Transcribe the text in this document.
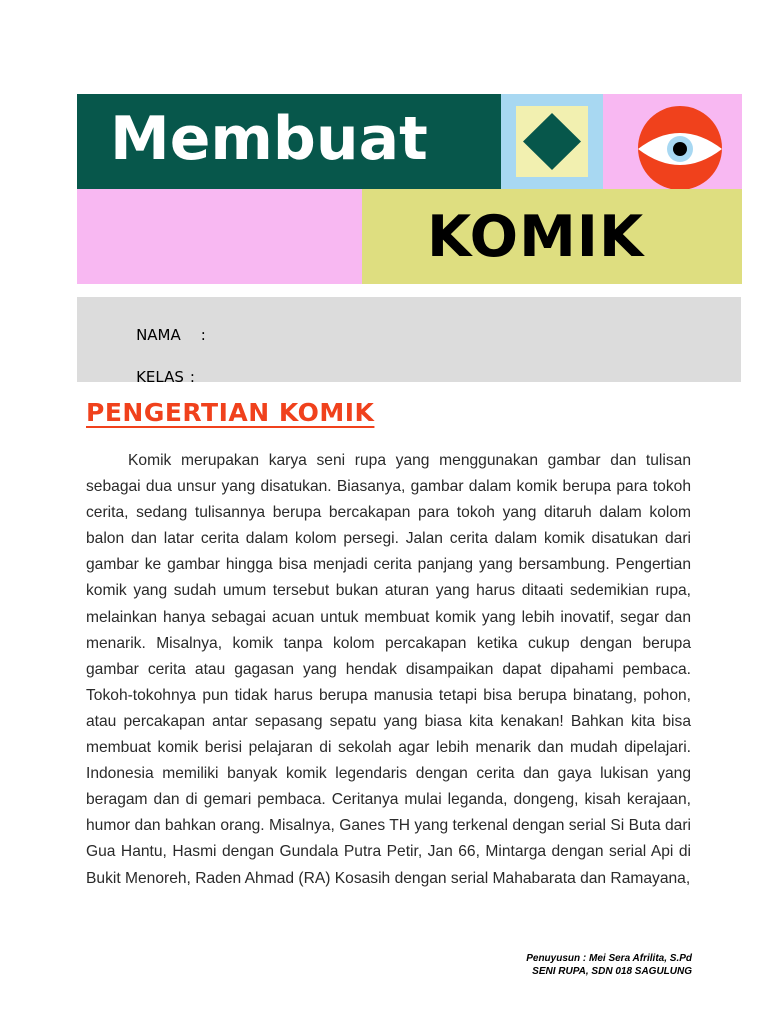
Membuat
KOMIK

NAMA :

KELAS :

PENGERTIAN KOMIK

Komik merupakan karya seni rupa yang menggunakan gambar dan tulisan sebagai dua unsur yang disatukan. Biasanya, gambar dalam komik berupa para tokoh cerita, sedang tulisannya berupa bercakapan para tokoh yang ditaruh dalam kolom balon dan latar cerita dalam kolom persegi. Jalan cerita dalam komik disatukan dari gambar ke gambar hingga bisa menjadi cerita panjang yang bersambung. Pengertian komik yang sudah umum tersebut bukan aturan yang harus ditaati sedemikian rupa, melainkan hanya sebagai acuan untuk membuat komik yang lebih inovatif, segar dan menarik. Misalnya, komik tanpa kolom percakapan ketika cukup dengan berupa gambar cerita atau gagasan yang hendak disampaikan dapat dipahami pembaca. Tokoh-tokohnya pun tidak harus berupa manusia tetapi bisa berupa binatang, pohon, atau percakapan antar sepasang sepatu yang biasa kita kenakan! Bahkan kita bisa membuat komik berisi pelajaran di sekolah agar lebih menarik dan mudah dipelajari. Indonesia memiliki banyak komik legendaris dengan cerita dan gaya lukisan yang beragam dan di gemari pembaca. Ceritanya mulai leganda, dongeng, kisah kerajaan, humor dan bahkan orang. Misalnya, Ganes TH yang terkenal dengan serial Si Buta dari Gua Hantu, Hasmi dengan Gundala Putra Petir, Jan 66, Mintarga dengan serial Api di Bukit Menoreh, Raden Ahmad (RA) Kosasih dengan serial Mahabarata dan Ramayana,

Penuyusun : Mei Sera Afrilita, S.Pd
SENI RUPA, SDN 018 SAGULUNG
